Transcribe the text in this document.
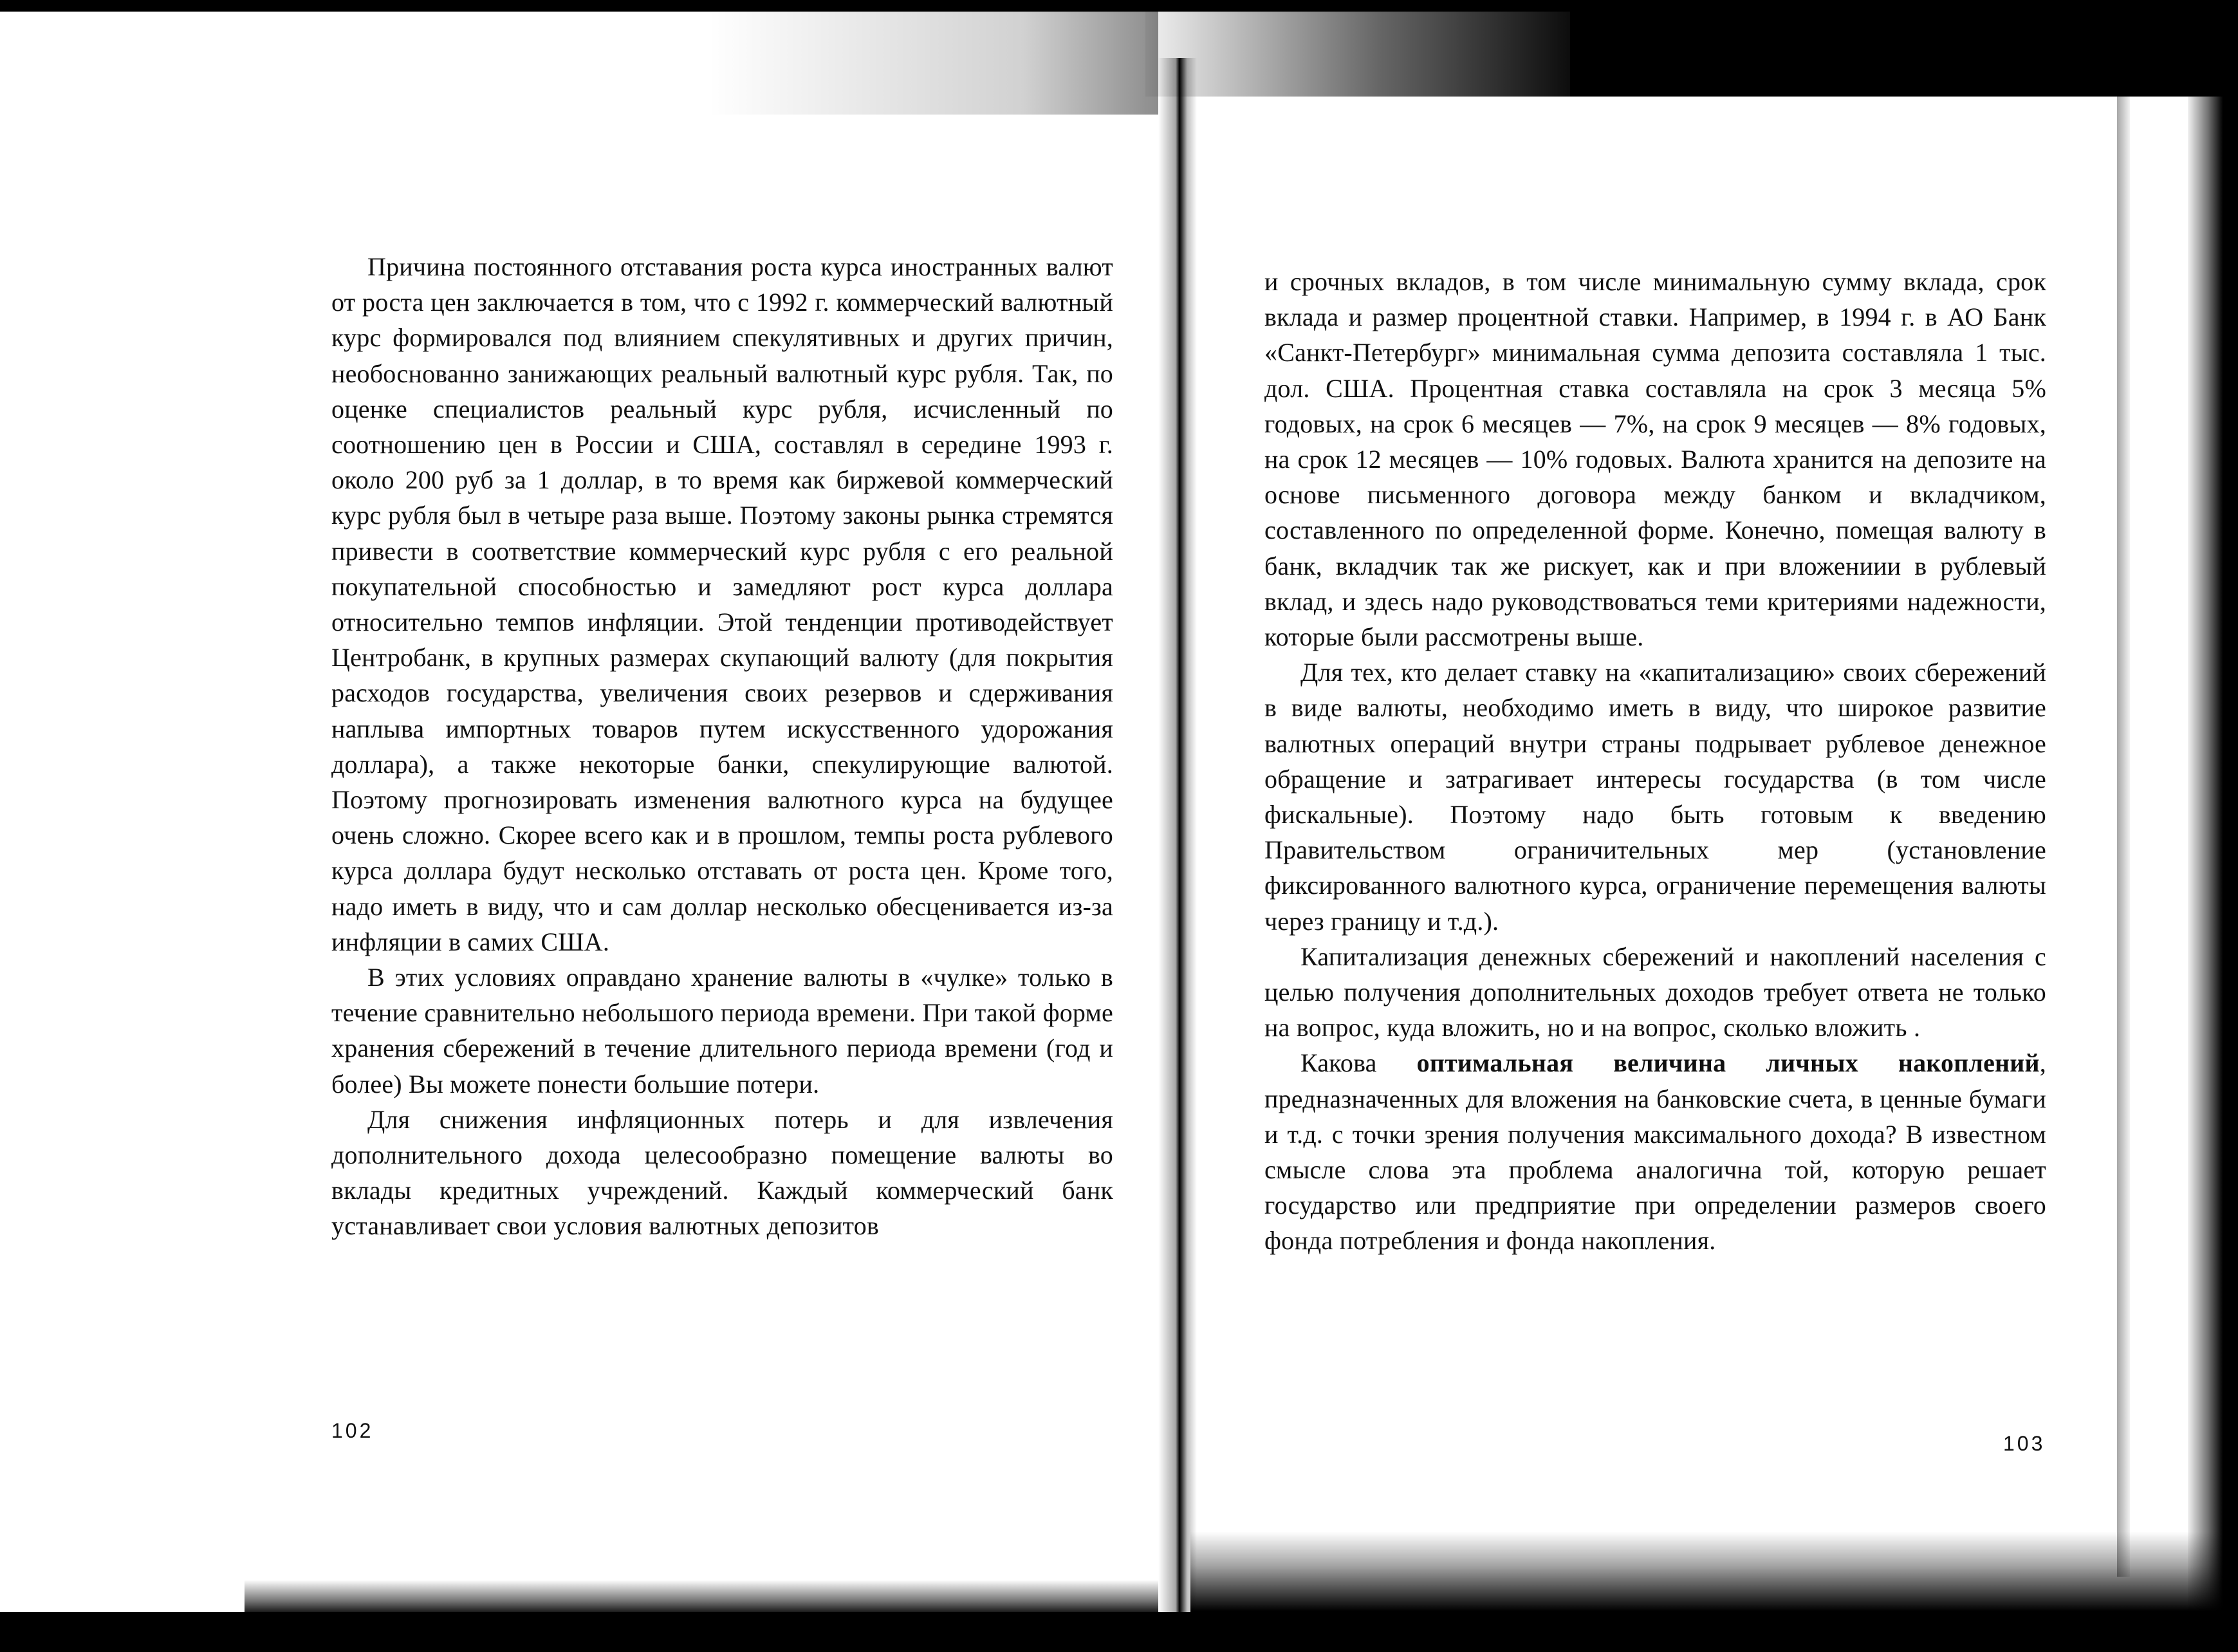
Причина постоянного отставания роста курса иностранных валют от роста цен заключается в том, что с 1992 г. коммерческий валютный курс формировался под влиянием спекулятивных и других причин, необоснованно занижающих реальный валютный курс рубля. Так, по оценке специалистов реальный курс рубля, исчисленный по соотношению цен в России и США, составлял в середине 1993 г. около 200 руб за 1 доллар, в то время как биржевой коммерческий курс рубля был в четыре раза выше. Поэтому законы рынка стремятся привести в соответствие коммерческий курс рубля с его реальной покупательной способностью и замедляют рост курса доллара относительно темпов инфляции. Этой тенденции противодействует Центробанк, в крупных размерах скупающий валюту (для покрытия расходов государства, увеличения своих резервов и сдерживания наплыва импортных товаров путем искусственного удорожания доллара), а также некоторые банки, спекулирующие валютой. Поэтому прогнозировать изменения валютного курса на будущее очень сложно. Скорее всего как и в прошлом, темпы роста рублевого курса доллара будут несколько отставать от роста цен. Кроме того, надо иметь в виду, что и сам доллар несколько обесценивается из-за инфляции в самих США.

В этих условиях оправдано хранение валюты в «чулке» только в течение сравнительно небольшого периода времени. При такой форме хранения сбережений в течение длительного периода времени (год и более) Вы можете понести большие потери.

Для снижения инфляционных потерь и для извлечения дополнительного дохода целесообразно помещение валюты во вклады кредитных учреждений. Каждый коммерческий банк устанавливает свои условия валютных депозитов

102

и срочных вкладов, в том числе минимальную сумму вклада, срок вклада и размер процентной ставки. Например, в 1994 г. в АО Банк «Санкт-Петербург» минимальная сумма депозита составляла 1 тыс. дол. США. Процентная ставка составляла на срок 3 месяца 5% годовых, на срок 6 месяцев — 7%, на срок 9 месяцев — 8% годовых, на срок 12 месяцев — 10% годовых. Валюта хранится на депозите на основе письменного договора между банком и вкладчиком, составленного по определенной форме. Конечно, помещая валюту в банк, вкладчик так же рискует, как и при вложениии в рублевый вклад, и здесь надо руководствоваться теми критериями надежности, которые были рассмотрены выше.

Для тех, кто делает ставку на «капитализацию» своих сбережений в виде валюты, необходимо иметь в виду, что широкое развитие валютных операций внутри страны подрывает рублевое денежное обращение и затрагивает интересы государства (в том числе фискальные). Поэтому надо быть готовым к введению Правительством ограничительных мер (установление фиксированного валютного курса, ограничение перемещения валюты через границу и т.д.).

Капитализация денежных сбережений и накоплений населения с целью получения дополнительных доходов требует ответа не только на вопрос, куда вложить, но и на вопрос, сколько вложить .

Какова оптимальная величина личных накоплений, предназначенных для вложения на банковские счета, в ценные бумаги и т.д. с точки зрения получения максимального дохода? В известном смысле слова эта проблема аналогична той, которую решает государство или предприятие при определении размеров своего фонда потребления и фонда накопления.

103
